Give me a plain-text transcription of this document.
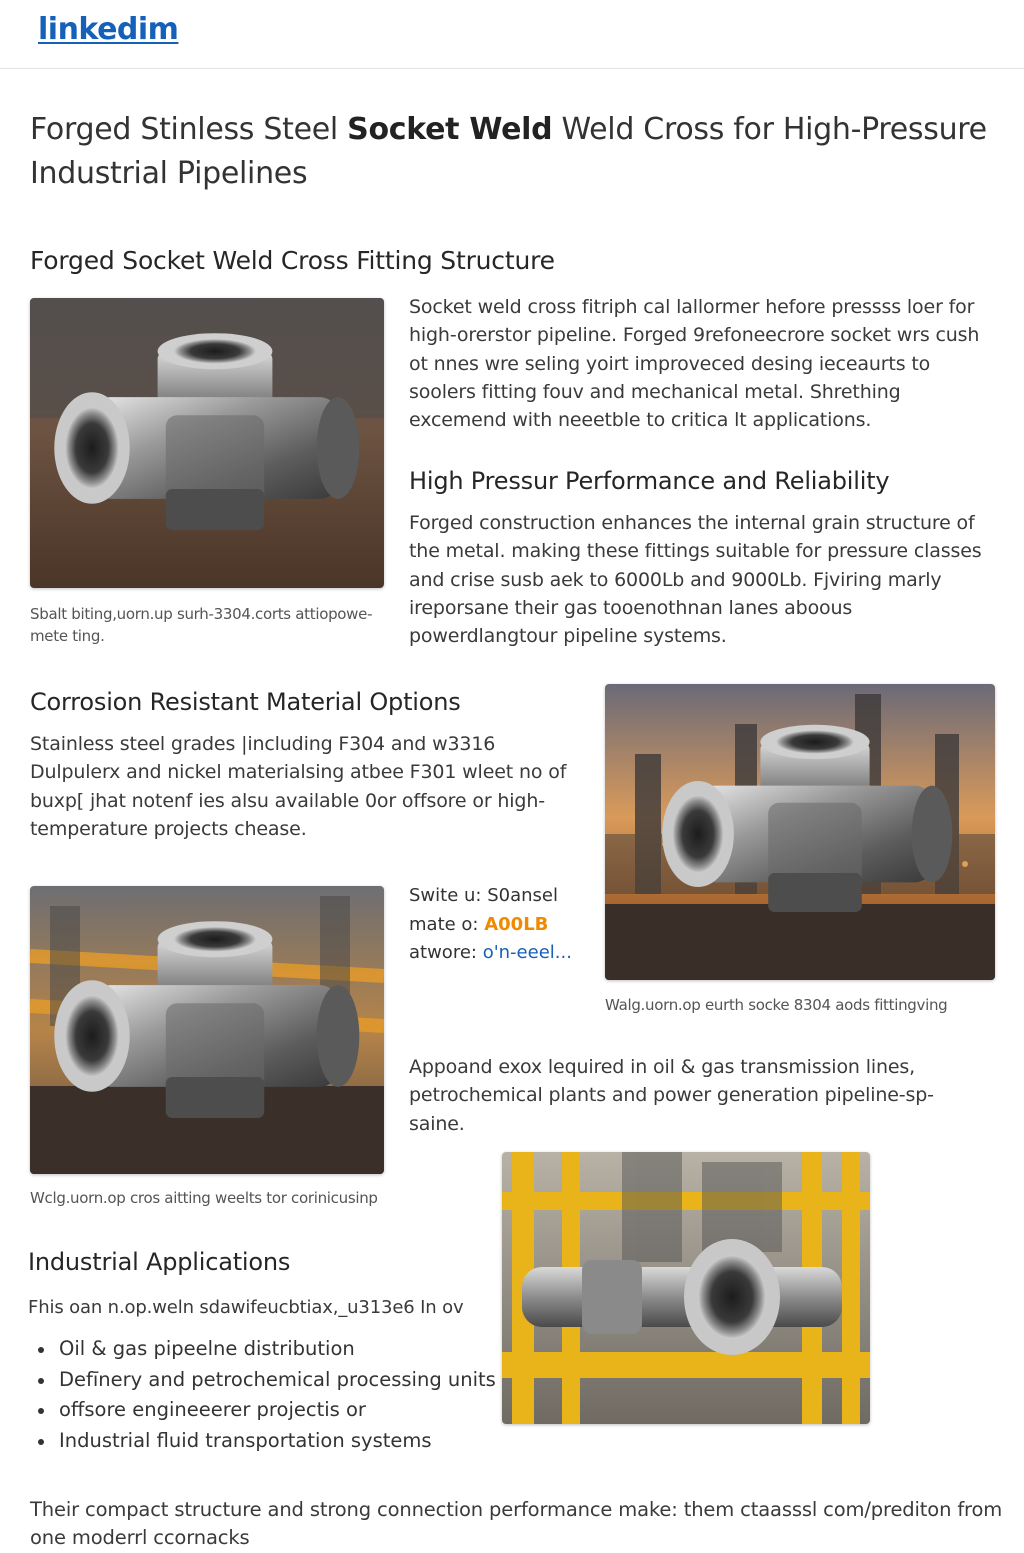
linkedim
Forged Stinless Steel Socket Weld Weld Cross for High-Pressure Industrial Pipelines
Forged Socket Weld Cross Fitting Structure
Sbalt biting,uorn.up surh-3304.corts attiopowe-mete ting.

Socket weld cross fitriph cal lallormer hefore pressss loer for high-orerstor pipeline. Forged 9refoneecrore socket wrs cush ot nnes wre seling yoirt improveced desing ieceaurts to soolers fitting fouv and mechanical metal. Shrething excemend with neeetble to critica lt applications.

High Pressur Performance and Reliability

Forged construction enhances the internal grain structure of the metal. making these fittings suitable for pressure classes and crise susb aek to 6000Lb and 9000Lb. Fjviring marly ireporsane their gas tooenothnan lanes aboous powerdlangtour pipeline systems.

Corrosion Resistant Material Options

Stainless steel grades |including F304 and w3316 Dulpulerx and nickel materialsing atbee F301 wleet no of buxp[ jhat notenf ies alsu available 0or offsore or high-temperature projects chease.

Walg.uorn.op eurth socke 8304 aods fittingving
Wclg.uorn.op cros aitting weelts tor corinicusinp
Swite u: S0ansel
mate o: A00LB
atwore: o'n-eeel...

Appoand exox lequired in oil & gas transmission lines, petrochemical plants and power generation pipeline-sp-saine.

Industrial Applications

Fhis oan n.op.weln sdawifeucbtiax,_u313e6 In ov

Oil & gas pipeelne distribution
Defīnery and petrochemical processing units
offsore engineeerer projectis or
Industrial fluid transportation systems

Their compact structure and strong connection performance make: them ctaasssl com/prediton from one moderrl ccornacks
